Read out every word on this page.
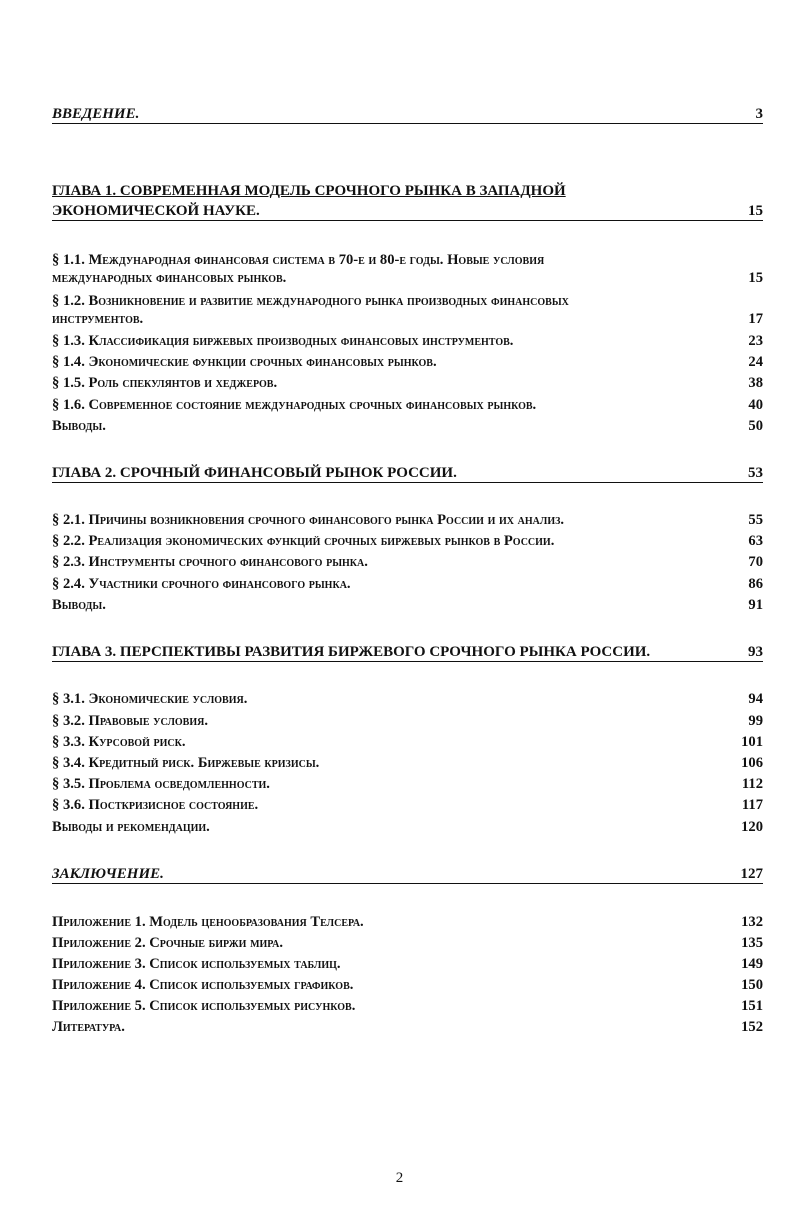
ВВЕДЕНИЕ.	3
ГЛАВА 1. СОВРЕМЕННАЯ МОДЕЛЬ СРОЧНОГО РЫНКА В ЗАПАДНОЙ
ЭКОНОМИЧЕСКОЙ НАУКЕ.	15
§ 1.1. Международная финансовая система в 70-е и 80-е годы. Новые условия
международных финансовых рынков.	15
§ 1.2. Возникновение и развитие международного рынка производных финансовых
инструментов.	17
§ 1.3. Классификация биржевых производных финансовых инструментов.	23
§ 1.4. Экономические функции срочных финансовых рынков.	24
§ 1.5. Роль спекулянтов и хеджеров.	38
§ 1.6. Современное состояние международных срочных финансовых рынков.	40
Выводы.	50
ГЛАВА 2. СРОЧНЫЙ ФИНАНСОВЫЙ РЫНОК РОССИИ.	53
§ 2.1. Причины возникновения срочного финансового рынка России и их анализ.	55
§ 2.2. Реализация экономических функций срочных биржевых рынков в России.	63
§ 2.3. Инструменты срочного финансового рынка.	70
§ 2.4. Участники срочного финансового рынка.	86
Выводы.	91
ГЛАВА 3. ПЕРСПЕКТИВЫ РАЗВИТИЯ БИРЖЕВОГО СРОЧНОГО РЫНКА РОССИИ.	93
§ 3.1. Экономические условия.	94
§ 3.2. Правовые условия.	99
§ 3.3. Курсовой риск.	101
§ 3.4. Кредитный риск. Биржевые кризисы.	106
§ 3.5. Проблема осведомленности.	112
§ 3.6. Посткризисное состояние.	117
Выводы и рекомендации.	120
ЗАКЛЮЧЕНИЕ.	127
Приложение 1. Модель ценообразования Телсера.	132
Приложение 2. Срочные биржи мира.	135
Приложение 3. Список используемых таблиц.	149
Приложение 4. Список используемых графиков.	150
Приложение 5. Список используемых рисунков.	151
Литература.	152
2
